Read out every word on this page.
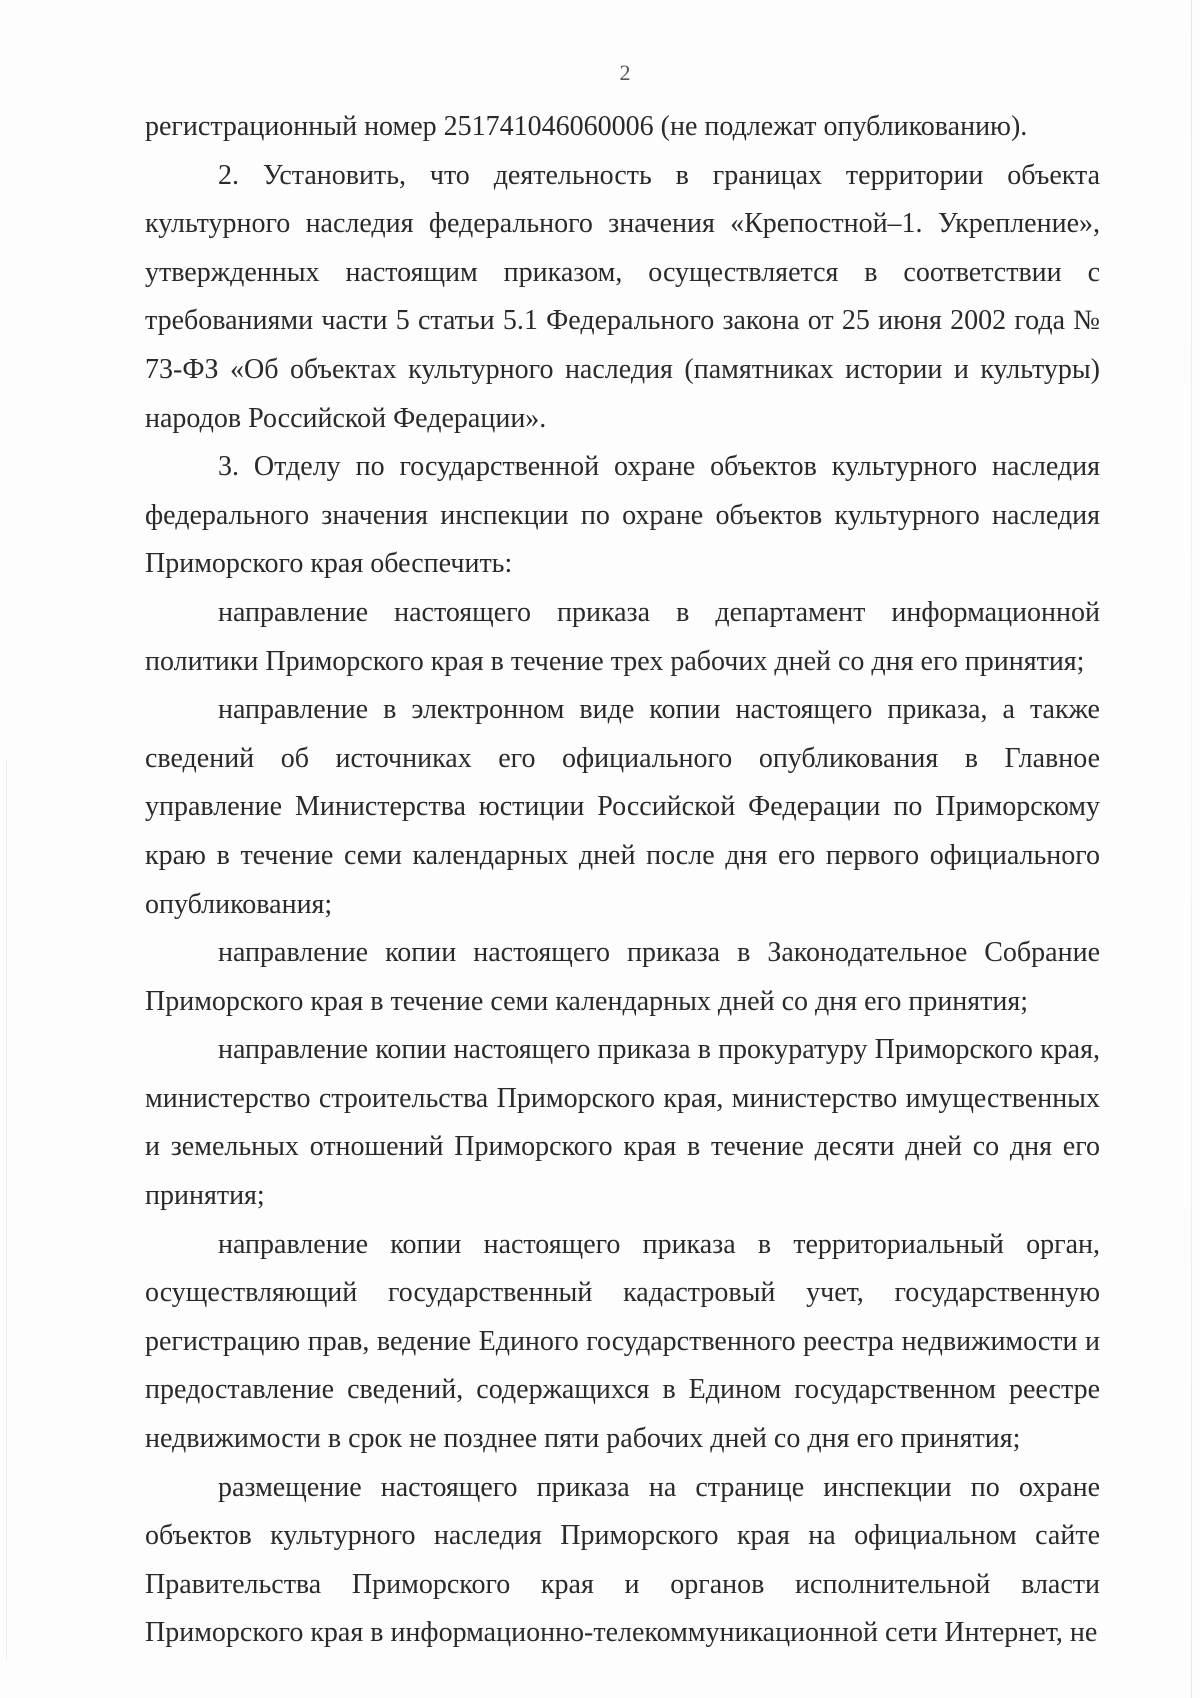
2

регистрационный номер 251741046060006 (не подлежат опубликованию).

2. Установить, что деятельность в границах территории объекта культурного наследия федерального значения «Крепостной–1. Укрепление», утвержденных настоящим приказом, осуществляется в соответствии с требованиями части 5 статьи 5.1 Федерального закона от 25 июня 2002 года № 73-ФЗ «Об объектах культурного наследия (памятниках истории и культуры) народов Российской Федерации».

3. Отделу по государственной охране объектов культурного наследия федерального значения инспекции по охране объектов культурного наследия Приморского края обеспечить:

направление настоящего приказа в департамент информационной политики Приморского края в течение трех рабочих дней со дня его принятия;

направление в электронном виде копии настоящего приказа, а также сведений об источниках его официального опубликования в Главное управление Министерства юстиции Российской Федерации по Приморскому краю в течение семи календарных дней после дня его первого официального опубликования;

направление копии настоящего приказа в Законодательное Собрание Приморского края в течение семи календарных дней со дня его принятия;

направление копии настоящего приказа в прокуратуру Приморского края, министерство строительства Приморского края, министерство имущественных и земельных отношений Приморского края в течение десяти дней со дня его принятия;

направление копии настоящего приказа в территориальный орган, осуществляющий государственный кадастровый учет, государственную регистрацию прав, ведение Единого государственного реестра недвижимости и предоставление сведений, содержащихся в Едином государственном реестре недвижимости в срок не позднее пяти рабочих дней со дня его принятия;

размещение настоящего приказа на странице инспекции по охране объектов культурного наследия Приморского края на официальном сайте Правительства Приморского края и органов исполнительной власти Приморского края в информационно-телекоммуникационной сети Интернет, не
